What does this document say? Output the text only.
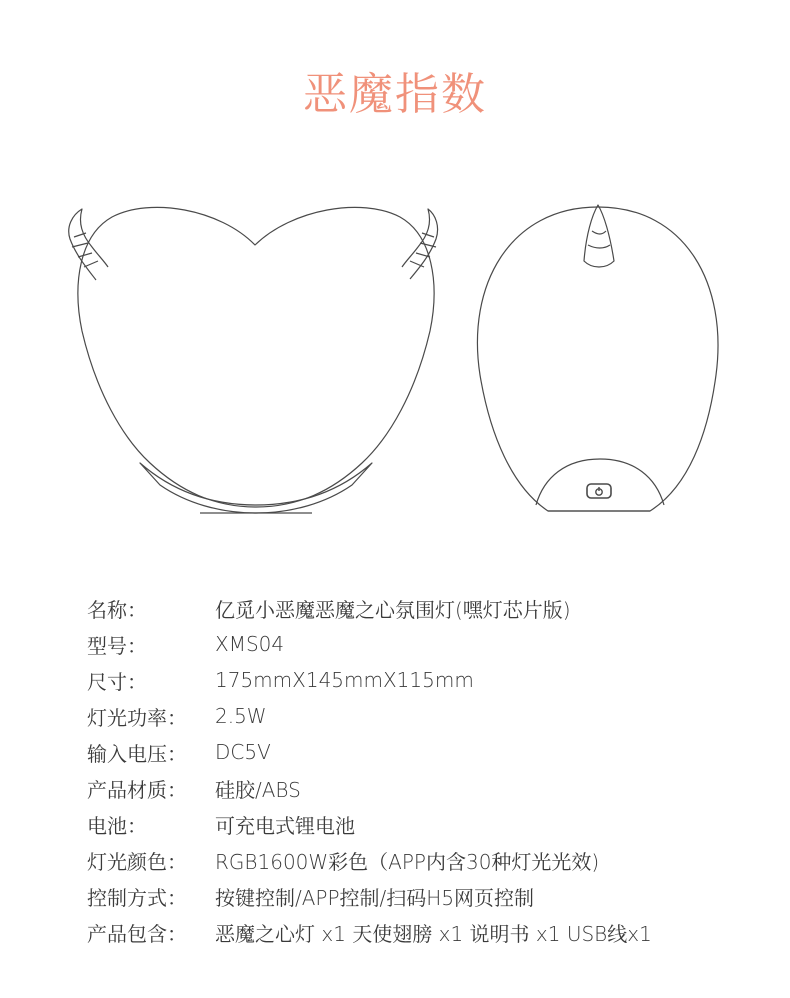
恶魔指数
名称：	亿觅小恶魔恶魔之心氛围灯(嘿灯芯片版)
型号：	XMS04
尺寸：	175mmX145mmX115mm
灯光功率：	2.5W
输入电压：	DC5V
产品材质：	硅胶/ABS
电池：	可充电式锂电池
灯光颜色：	RGB1600W彩色（APP内含30种灯光光效)
控制方式：	按键控制/APP控制/扫码H5网页控制
产品包含：	恶魔之心灯 x1 天使翅膀 x1 说明书 x1 USB线x1
